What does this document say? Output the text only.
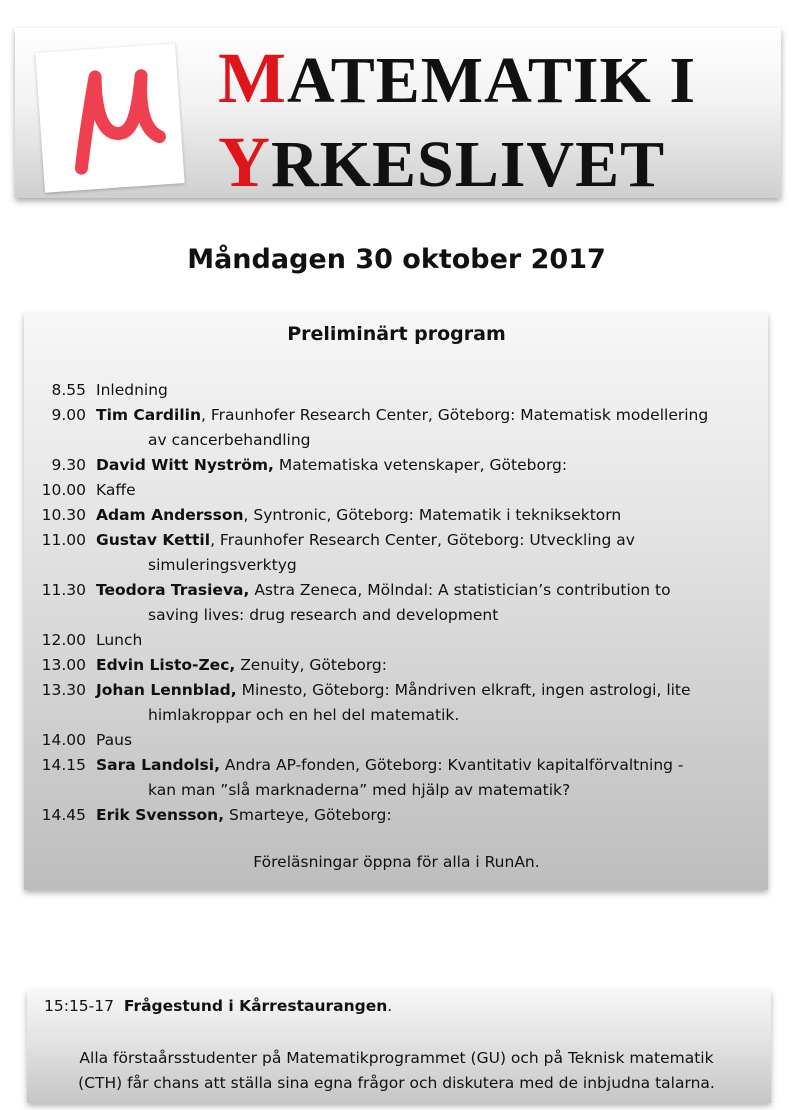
MATEMATIK I
YRKESLIVET
Måndagen 30 oktober 2017
Preliminärt program
8.55 Inledning
9.00 Tim Cardilin, Fraunhofer Research Center, Göteborg: Matematisk modellering
av cancerbehandling
9.30 David Witt Nyström, Matematiska vetenskaper, Göteborg:
10.00 Kaffe
10.30 Adam Andersson, Syntronic, Göteborg: Matematik i tekniksektorn
11.00 Gustav Kettil, Fraunhofer Research Center, Göteborg: Utveckling av
simuleringsverktyg
11.30 Teodora Trasieva, Astra Zeneca, Mölndal: A statistician’s contribution to
saving lives: drug research and development
12.00 Lunch
13.00 Edvin Listo-Zec, Zenuity, Göteborg:
13.30 Johan Lennblad, Minesto, Göteborg: Måndriven elkraft, ingen astrologi, lite
himlakroppar och en hel del matematik.
14.00 Paus
14.15 Sara Landolsi, Andra AP-fonden, Göteborg: Kvantitativ kapitalförvaltning -
kan man ”slå marknaderna” med hjälp av matematik?
14.45 Erik Svensson, Smarteye, Göteborg:
Föreläsningar öppna för alla i RunAn.
15:15-17 Frågestund i Kårrestaurangen.
Alla förstaårsstudenter på Matematikprogrammet (GU) och på Teknisk matematik
(CTH) får chans att ställa sina egna frågor och diskutera med de inbjudna talarna.
